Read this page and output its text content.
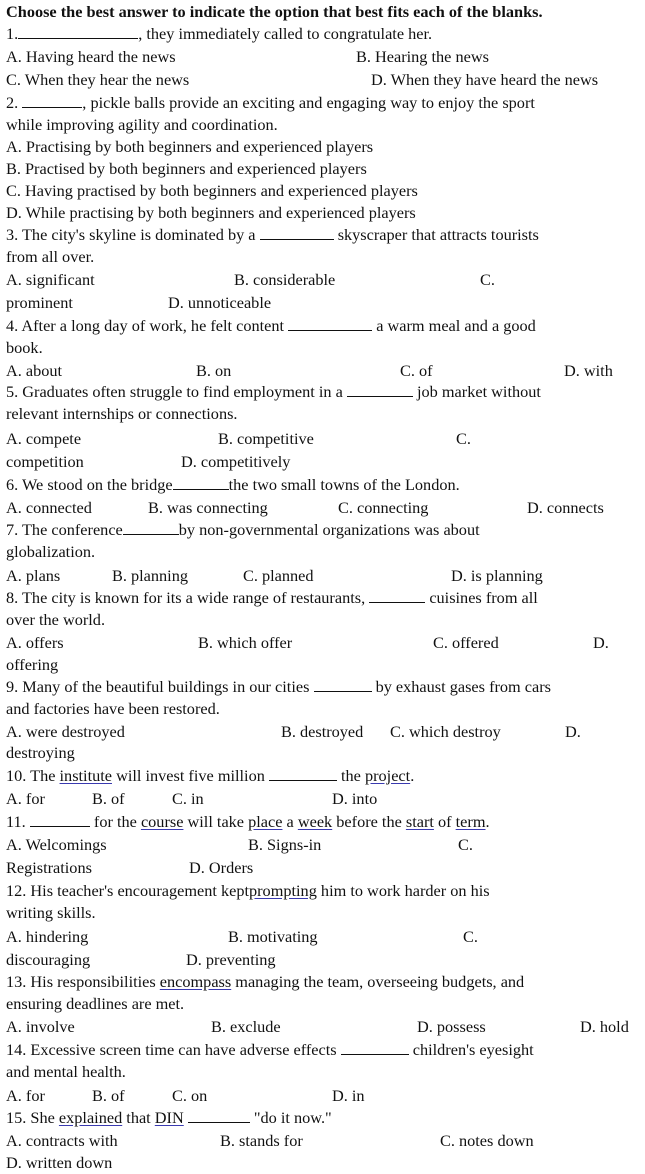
Choose the best answer to indicate the option that best fits each of the blanks.
1.	, they immediately called to congratulate her.
A. Having heard the news	B. Hearing the news
C. When they hear the news	D. When they have heard the news
2.	, pickle balls provide an exciting and engaging way to enjoy the sport
while improving agility and coordination.
A. Practising by both beginners and experienced players
B. Practised by both beginners and experienced players
C. Having practised by both beginners and experienced players
D. While practising by both beginners and experienced players
3. The city's skyline is dominated by a	skyscraper that attracts tourists
from all over.
A. significant	B. considerable	C.
prominent	D. unnoticeable
4. After a long day of work, he felt content	a warm meal and a good
book.
A. about	B. on	C. of	D. with
5. Graduates often struggle to find employment in a	job market without
relevant internships or connections.
A. compete	B. competitive	C.
competition	D. competitively
6. We stood on the bridge	the two small towns of the London.
A. connected	B. was connecting	C. connecting	D. connects
7. The conference	by non-governmental organizations was about
globalization.
A. plans	B. planning	C. planned	D. is planning
8. The city is known for its a wide range of restaurants,	cuisines from all
over the world.
A. offers	B. which offer	C. offered	D.
offering
9. Many of the beautiful buildings in our cities	by exhaust gases from cars
and factories have been restored.
A. were destroyed	B. destroyed C. which destroy	D.
destroying
10. The institute will invest five million	the project.
A. for	B. of	C. in	D. into
11.	for the course will take place a week before the start of term.
A. Welcomings	B. Signs-in	C.
Registrations	D. Orders
12. His teacher's encouragement keptprompting him to work harder on his
writing skills.
A. hindering	B. motivating	C.
discouraging	D. preventing
13. His responsibilities encompass managing the team, overseeing budgets, and
ensuring deadlines are met.
A. involve	B. exclude	D. possess	D. hold
14. Excessive screen time can have adverse effects	children's eyesight
and mental health.
A. for	B. of	C. on	D. in
15. She explained that DIN	"do it now."
A. contracts with	B. stands for	C. notes down
D. written down
